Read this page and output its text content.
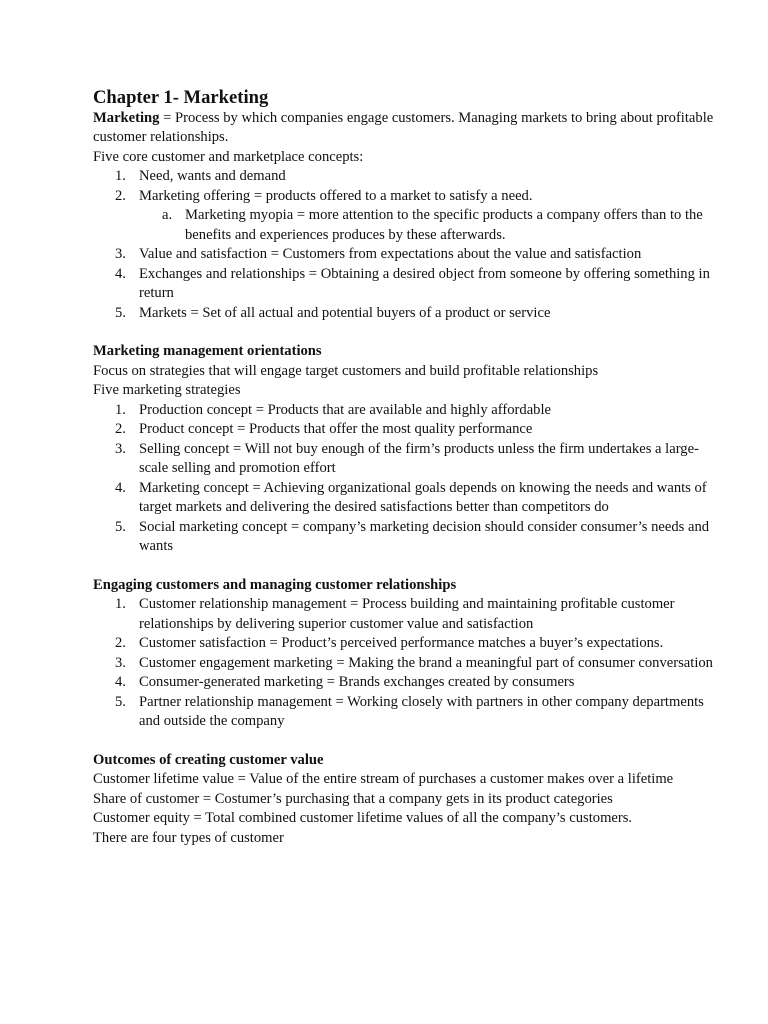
Chapter 1- Marketing

Marketing = Process by which companies engage customers. Managing markets to bring about profitable customer relationships.

Five core customer and marketplace concepts:

1. Need, wants and demand
2. Marketing offering = products offered to a market to satisfy a need.
a. Marketing myopia = more attention to the specific products a company offers than to the benefits and experiences produces by these afterwards.
3. Value and satisfaction = Customers from expectations about the value and satisfaction
4. Exchanges and relationships = Obtaining a desired object from someone by offering something in return
5. Markets = Set of all actual and potential buyers of a product or service

Marketing management orientations

Focus on strategies that will engage target customers and build profitable relationships

Five marketing strategies

1. Production concept = Products that are available and highly affordable
2. Product concept = Products that offer the most quality performance
3. Selling concept = Will not buy enough of the firm’s products unless the firm undertakes a large-scale selling and promotion effort
4. Marketing concept = Achieving organizational goals depends on knowing the needs and wants of target markets and delivering the desired satisfactions better than competitors do
5. Social marketing concept = company’s marketing decision should consider consumer’s needs and wants

Engaging customers and managing customer relationships

1. Customer relationship management = Process building and maintaining profitable customer relationships by delivering superior customer value and satisfaction
2. Customer satisfaction = Product’s perceived performance matches a buyer’s expectations.
3. Customer engagement marketing = Making the brand a meaningful part of consumer conversation
4. Consumer-generated marketing = Brands exchanges created by consumers
5. Partner relationship management = Working closely with partners in other company departments and outside the company

Outcomes of creating customer value

Customer lifetime value = Value of the entire stream of purchases a customer makes over a lifetime

Share of customer = Costumer’s purchasing that a company gets in its product categories

Customer equity = Total combined customer lifetime values of all the company’s customers.

There are four types of customer
